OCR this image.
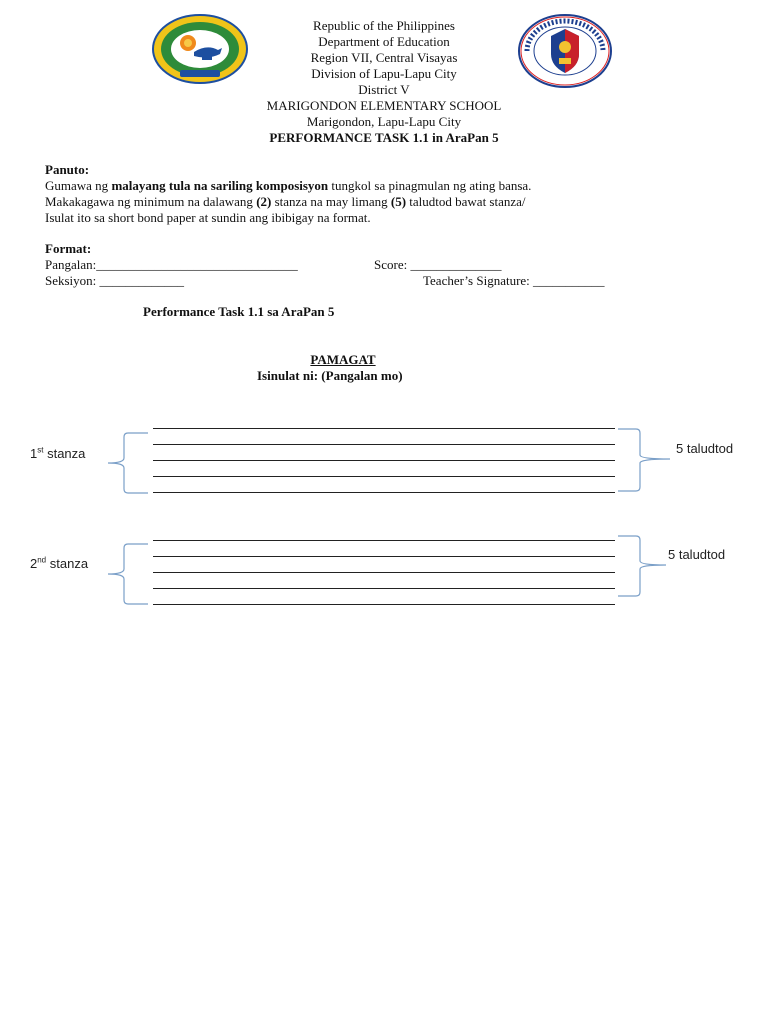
Republic of the Philippines
Department of Education
Region VII, Central Visayas
Division of Lapu-Lapu City
District V
MARIGONDON ELEMENTARY SCHOOL
Marigondon, Lapu-Lapu City
PERFORMANCE TASK 1.1 in AraPan 5
Panuto:
Gumawa ng malayang tula na sariling komposisyon tungkol sa pinagmulan ng ating bansa.
Makakagawa ng minimum na dalawang (2) stanza na may limang (5) taludtod bawat stanza/
Isulat ito sa short bond paper at sundin ang ibibigay na format.
Format:
Pangalan:_______________________________	Score: ______________
Seksiyon: _____________	Teacher’s Signature: ___________
Performance Task 1.1 sa AraPan 5
PAMAGAT
Isinulat ni: (Pangalan mo)
1st stanza	5 taludtod
2nd stanza
5 taludtod
